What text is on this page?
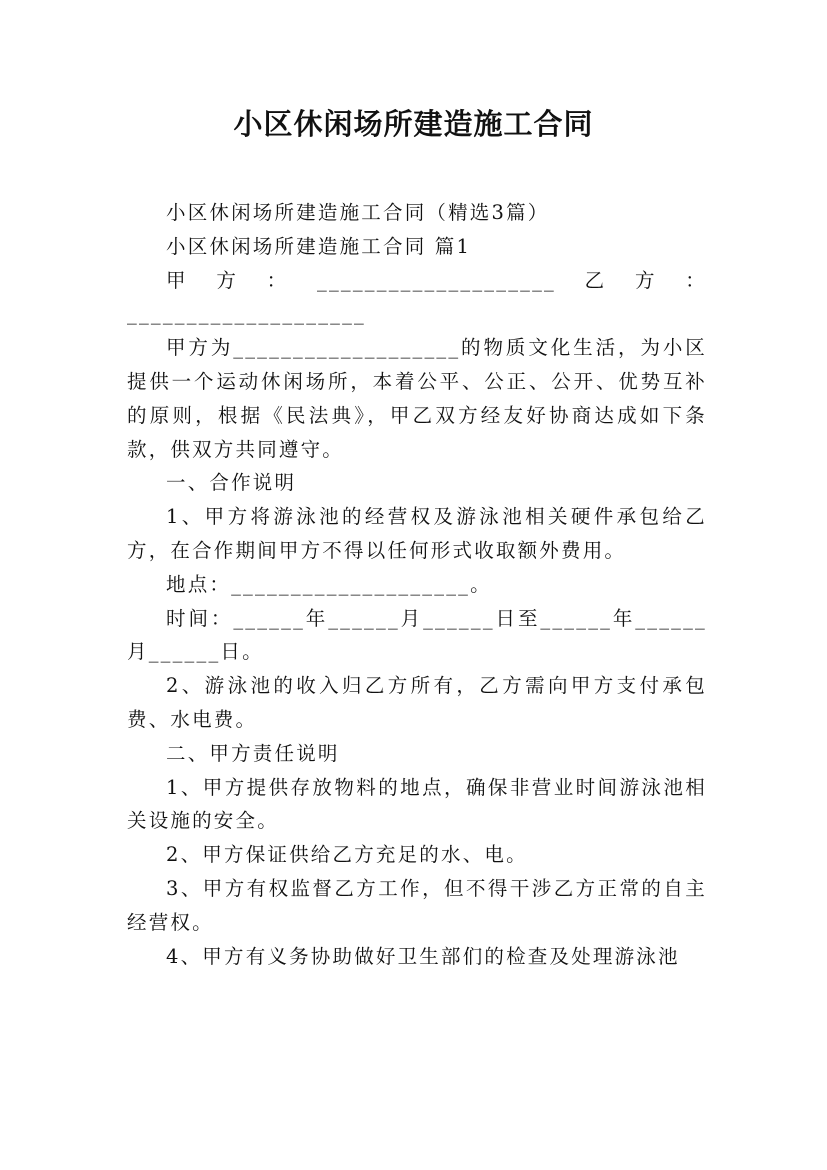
小区休闲场所建造施工合同

小区休闲场所建造施工合同（精选3篇）

小区休闲场所建造施工合同 篇1

甲方：____________________乙方：____________________

甲方为___________________的物质文化生活，为小区提供一个运动休闲场所，本着公平、公正、公开、优势互补的原则，根据《民法典》，甲乙双方经友好协商达成如下条款，供双方共同遵守。

一、合作说明

1、甲方将游泳池的经营权及游泳池相关硬件承包给乙方，在合作期间甲方不得以任何形式收取额外费用。

地点：____________________。

时间：______年______月______日至______年______月______日。

2、游泳池的收入归乙方所有，乙方需向甲方支付承包费、水电费。

二、甲方责任说明

1、甲方提供存放物料的地点，确保非营业时间游泳池相关设施的安全。

2、甲方保证供给乙方充足的水、电。

3、甲方有权监督乙方工作，但不得干涉乙方正常的自主经营权。

4、甲方有义务协助做好卫生部们的检查及处理游泳池
